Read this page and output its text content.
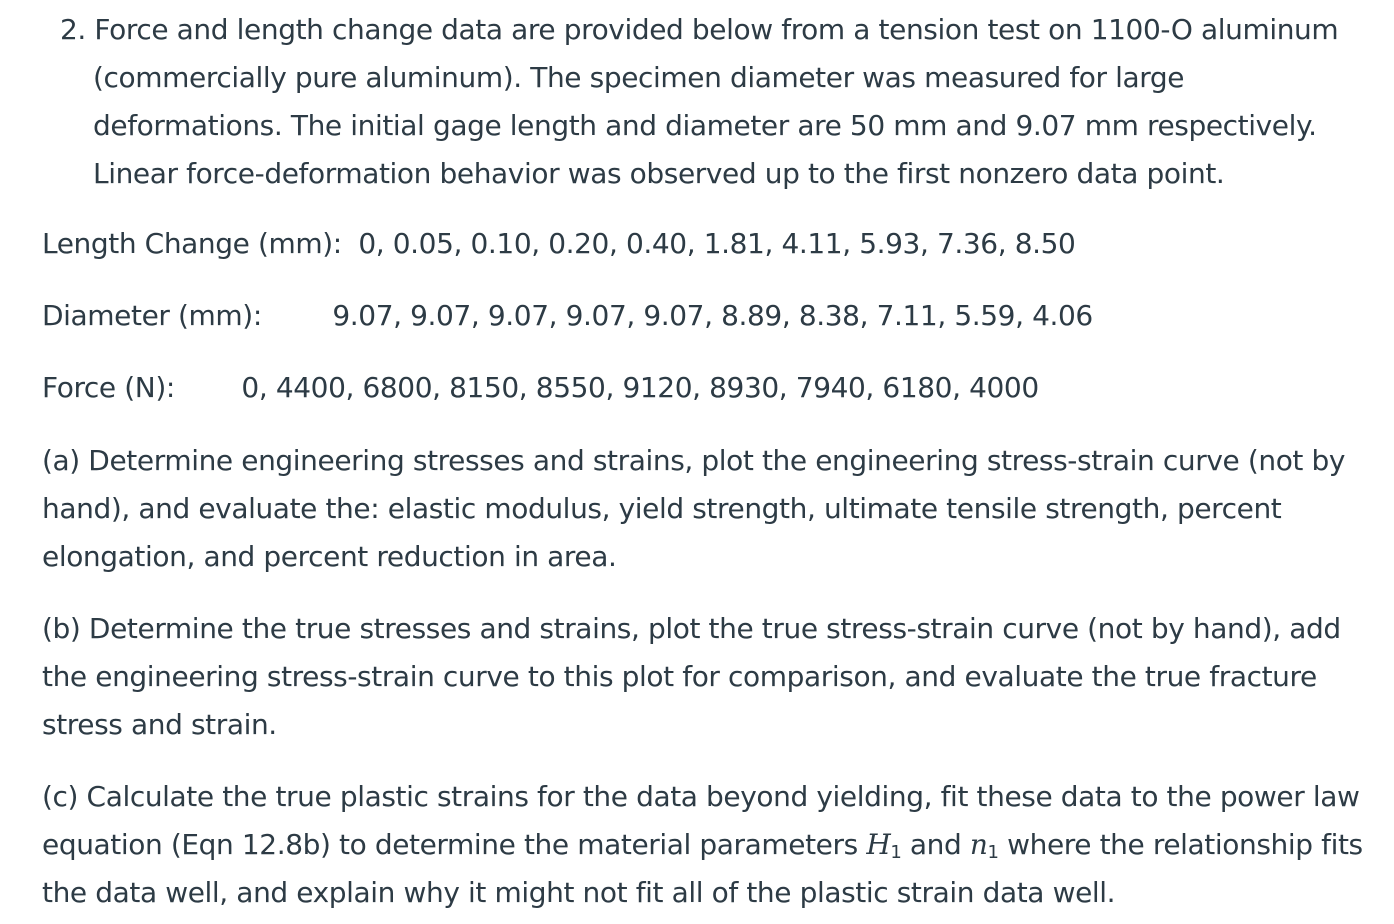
2. Force and length change data are provided below from a tension test on 1100-O aluminum
(commercially pure aluminum). The specimen diameter was measured for large
deformations. The initial gage length and diameter are 50 mm and 9.07 mm respectively.
Linear force-deformation behavior was observed up to the first nonzero data point.
Length Change (mm): 0, 0.05, 0.10, 0.20, 0.40, 1.81, 4.11, 5.93, 7.36, 8.50
Diameter (mm):	9.07, 9.07, 9.07, 9.07, 9.07, 8.89, 8.38, 7.11, 5.59, 4.06
Force (N): 0, 4400, 6800, 8150, 8550, 9120, 8930, 7940, 6180, 4000
(a) Determine engineering stresses and strains, plot the engineering stress-strain curve (not by
hand), and evaluate the: elastic modulus, yield strength, ultimate tensile strength, percent
elongation, and percent reduction in area.
(b) Determine the true stresses and strains, plot the true stress-strain curve (not by hand), add
the engineering stress-strain curve to this plot for comparison, and evaluate the true fracture
stress and strain.
(c) Calculate the true plastic strains for the data beyond yielding, fit these data to the power law
equation (Eqn 12.8b) to determine the material parameters $H_1$ and $n_1$ where the relationship fits
the data well, and explain why it might not fit all of the plastic strain data well.
